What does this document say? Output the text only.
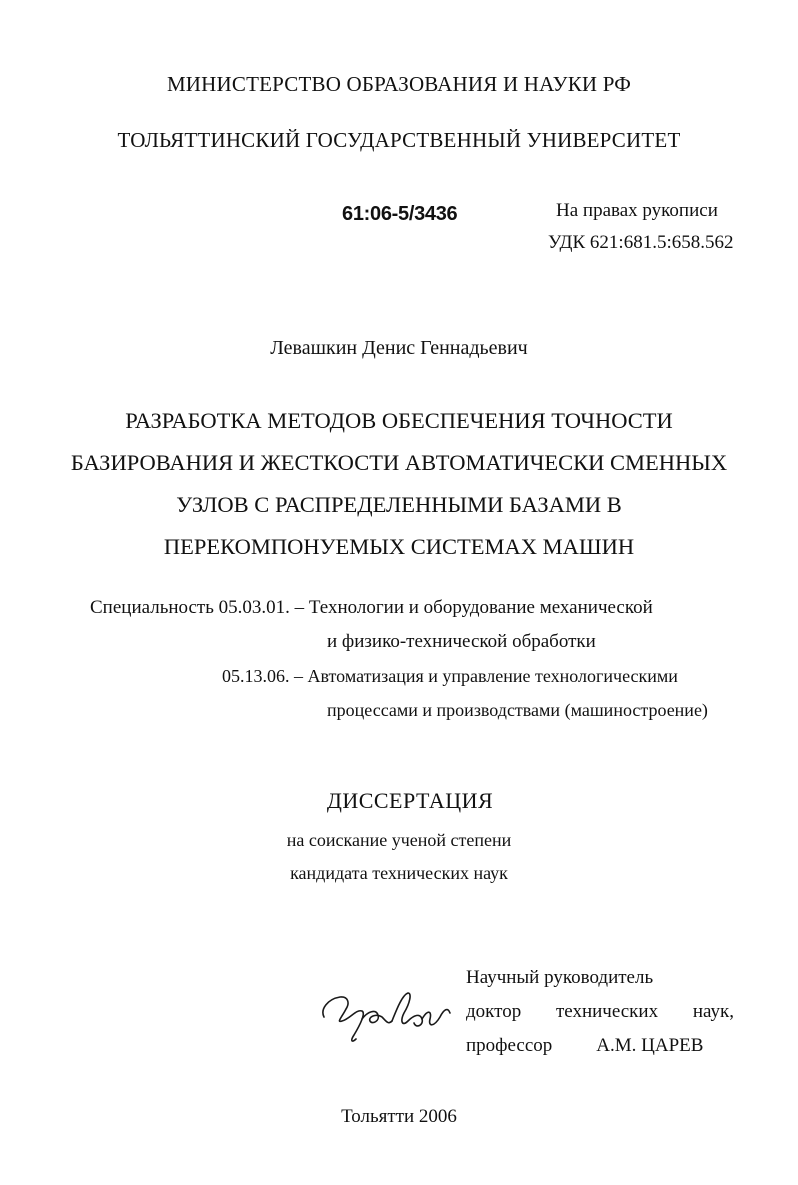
МИНИСТЕРСТВО ОБРАЗОВАНИЯ И НАУКИ РФ
ТОЛЬЯТТИНСКИЙ ГОСУДАРСТВЕННЫЙ УНИВЕРСИТЕТ
61:06-5/3436	На правах рукописи
УДК 621:681.5:658.562
Левашкин Денис Геннадьевич
РАЗРАБОТКА МЕТОДОВ ОБЕСПЕЧЕНИЯ ТОЧНОСТИ
БАЗИРОВАНИЯ И ЖЕСТКОСТИ АВТОМАТИЧЕСКИ СМЕННЫХ
УЗЛОВ С РАСПРЕДЕЛЕННЫМИ БАЗАМИ В
ПЕРЕКОМПОНУЕМЫХ СИСТЕМАХ МАШИН
Специальность 05.03.01. – Технологии и оборудование механической
и физико-технической обработки
05.13.06. – Автоматизация и управление технологическими
процессами и производствами (машиностроение)
ДИССЕРТАЦИЯ
на соискание ученой степени
кандидата технических наук
Научный руководитель
доктор технических наук,
профессор А.М. ЦАРЕВ
Тольятти 2006
